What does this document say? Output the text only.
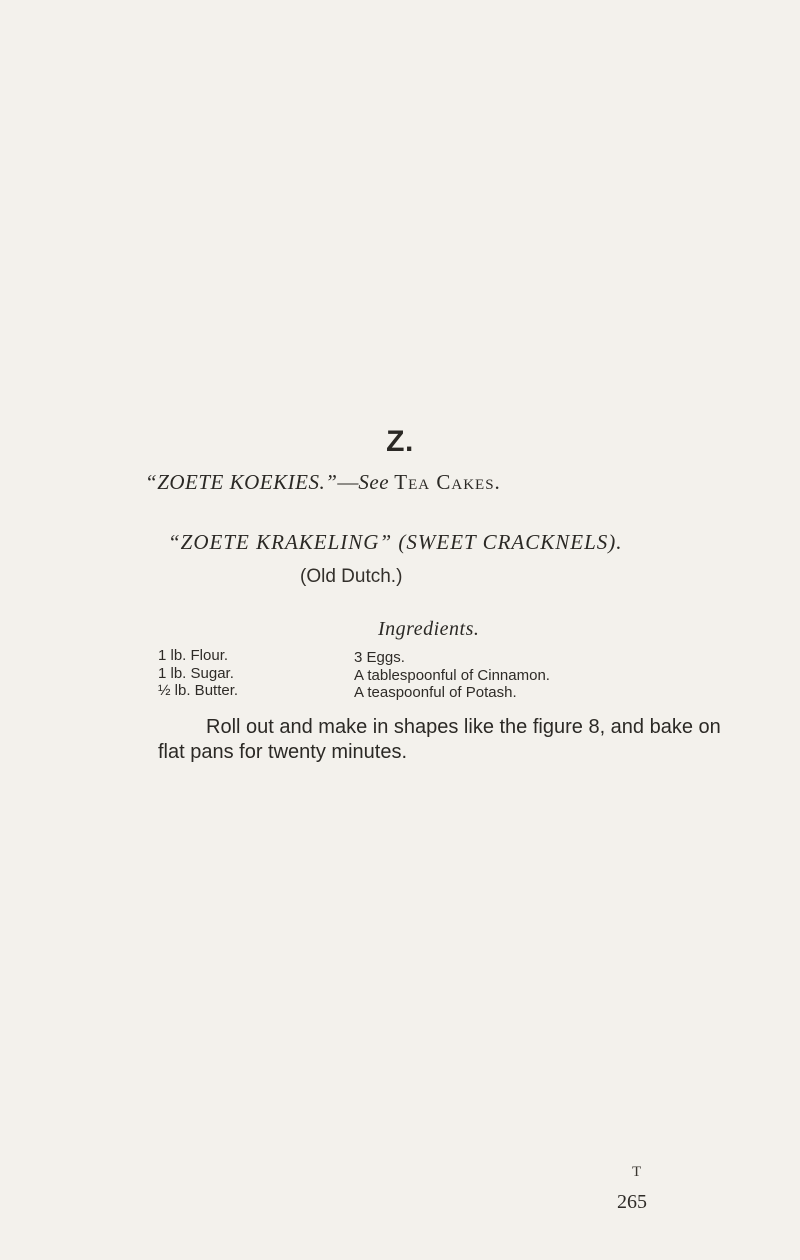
Z.
“ZOETE KOEKIES.”—See Tea Cakes.
“ZOETE KRAKELING” (SWEET CRACKNELS).
(Old Dutch.)
Ingredients.
1 lb. Flour.
1 lb. Sugar.
½ lb. Butter.
3 Eggs.
A tablespoonful of Cinnamon.
A teaspoonful of Potash.

Roll out and make in shapes like the figure 8, and bake on flat pans for twenty minutes.

T
265
